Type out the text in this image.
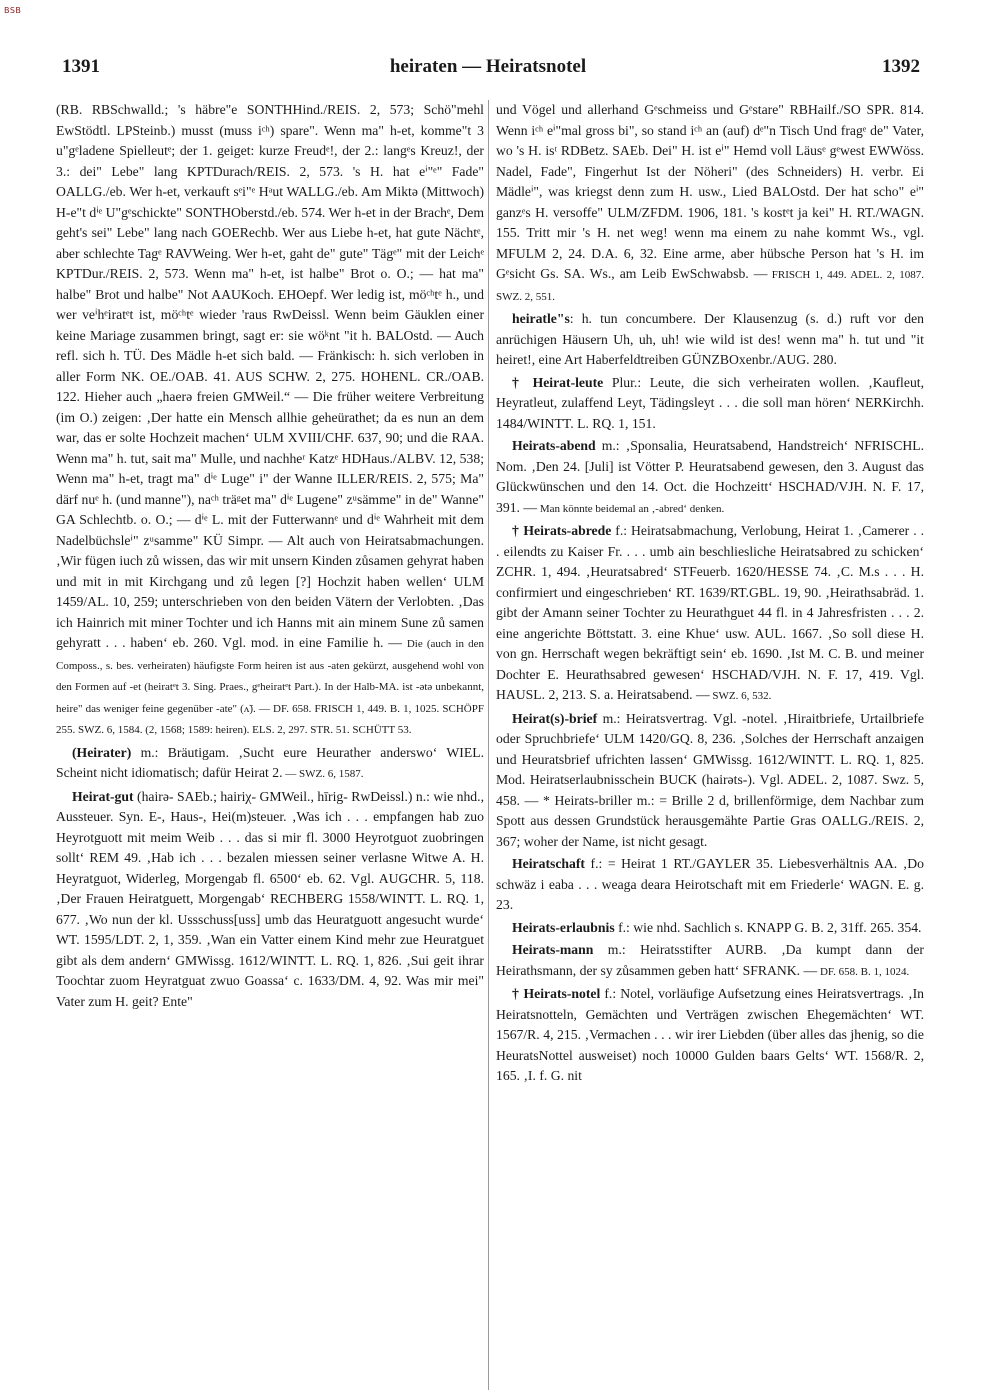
BSB
1391	heiraten — Heiratsnotel	1392

(RB. RBSchwalld.; 's häbre"e SONTHHind./REIS. 2, 573; Schö"mehl EwStödtl. LPSteinb.) musst (muss iᶜʰ) spare". Wenn ma" h-et, komme"t 3 u"gᵉladene Spielleutᵉ; der 1. geiget: kurze Freudᵉ!, der 2.: langᵉs Kreuz!, der 3.: dei" Lebe" lang KPTDurach/REIS. 2, 573. 's H. hat eⁱ"ᵉ" Fade" OALLG./eb. Wer h-et, verkauft sᵉi"ᵉ Hᵃut WALLG./eb. Am Miktə (Mittwoch) H-e"t dⁱᵉ U"gᵉschickte" SONTHOberstd./eb. 574. Wer h-et in der Brachᵉ, Dem geht's sei" Lebe" lang nach GOERechb. Wer aus Liebe h-et, hat gute Nächtᵉ, aber schlechte Tagᵉ RAVWeing. Wer h-et, gaht de" gute" Tägᵉ" mit der Leichᵉ KPTDur./REIS. 2, 573. Wenn ma" h-et, ist halbe" Brot o. O.; — hat ma" halbe" Brot und halbe" Not AAUKoch. EHOepf. Wer ledig ist, möᶜʰtᵉ h., und wer veⁱhᵉiratᵉt ist, möᶜʰtᵉ wieder 'raus RwDeissl. Wenn beim Gäuklen einer keine Mariage zusammen bringt, sagt er: sie wöᵏnt "it h. BALOstd. — Auch refl. sich h. TÜ. Des Mädle h-et sich bald. — Fränkisch: h. sich verloben in aller Form NK. OE./OAB. 41. AUS SCHW. 2, 275. HOHENL. CR./OAB. 122. Hieher auch „haerə freien GMWeil.“ — Die früher weitere Verbreitung (im O.) zeigen: ‚Der hatte ein Mensch allhie geheürathet; da es nun an dem war, das er solte Hochzeit machen‘ ULM XVIII/CHF. 637, 90; und die RAA. Wenn ma" h. tut, sait ma" Mulle, und nachheʳ Katzᵉ HDHaus./ALBV. 12, 538; Wenn ma" h-et, tragt ma" dⁱᵉ Luge" i" der Wanne ILLER/REIS. 2, 575; Ma" därf nuᵉ h. (und manne"), naᶜʰ träᵍet ma" dⁱᵉ Lugene" zᵘsämme" in de" Wanne" GA Schlechtb. o. O.; — dⁱᵉ L. mit der Futterwannᵉ und dⁱᵉ Wahrheit mit dem Nadelbüchsleⁱ" zᵘsamme" KÜ Simpr. — Alt auch von Heiratsabmachungen. ‚Wir fügen iuch zů wissen, das wir mit unsern Kinden zůsamen gehyrat haben und mit in mit Kirchgang und zů legen [?] Hochzit haben wellen‘ ULM 1459/AL. 10, 259; unterschrieben von den beiden Vätern der Verlobten. ‚Das ich Hainrich mit miner Tochter und ich Hanns mit ain minem Sune zů samen gehyratt . . . haben‘ eb. 260. Vgl. mod. in eine Familie h. — Die (auch in den Composs., s. bes. verheiraten) häufigste Form heiren ist aus -aten gekürzt, ausgehend wohl von den Formen auf -et (heiratᵉt 3. Sing. Praes., gᵉheiratᵉt Part.). In der Halb-MA. ist -ətə unbekannt, heire" das weniger feine gegenüber -ate" (ʌ̃). — DF. 658. FRISCH 1, 449. B. 1, 1025. SCHÖPF 255. SWZ. 6, 1584. (2, 1568; 1589: heiren). ELS. 2, 297. STR. 51. SCHÜTT 53.

(Heirater) m.: Bräutigam. ‚Sucht eure Heurather anderswo‘ WIEL. Scheint nicht idiomatisch; dafür Heirat 2. — SWZ. 6, 1587.

Heirat-gut (hairə- SAEb.; hairiχ- GMWeil., hīrig- RwDeissl.) n.: wie nhd., Aussteuer. Syn. E-, Haus-, Hei(m)steuer. ‚Was ich . . . empfangen hab zuo Heyrotguott mit meim Weib . . . das si mir fl. 3000 Heyrotguot zuobringen sollt‘ REM 49. ‚Hab ich . . . bezalen miessen seiner verlasne Witwe A. H. Heyratguot, Widerleg, Morgengab fl. 6500‘ eb. 62. Vgl. AUGCHR. 5, 118. ‚Der Frauen Heiratguett, Morgengab‘ RECHBERG 1558/WINTT. L. RQ. 1, 677. ‚Wo nun der kl. Ussschuss[uss] umb das Heuratguott angesucht wurde‘ WT. 1595/LDT. 2, 1, 359. ‚Wan ein Vatter einem Kind mehr zue Heuratguet gibt als dem andern‘ GMWissg. 1612/WINTT. L. RQ. 1, 826. ‚Sui geit ihrar Toochtar zuom Heyratguat zwuo Goassa‘ c. 1633/DM. 4, 92. Was mir mei" Vater zum H. geit? Ente"

und Vögel und allerhand Gᵉschmeiss und Gᵉstare" RBHailf./SO SPR. 814. Wenn iᶜʰ eⁱ"mal gross bi", so stand iᶜʰ an (auf) dᵉ"n Tisch Und fragᵉ de" Vater, wo 's H. isᵗ RDBetz. SAEb. Dei" H. ist eⁱ" Hemd voll Läusᵉ gᵉwest EWWöss. Nadel, Fade", Fingerhut Ist der Nöheri" (des Schneiders) H. verbr. Ei Mädleⁱ", was kriegst denn zum H. usw., Lied BALOstd. Der hat scho" eⁱ" ganzᵉs H. versoffe" ULM/ZFDM. 1906, 181. 's kostᵉt ja kei" H. RT./WAGN. 155. Tritt mir 's H. net weg! wenn ma einem zu nahe kommt Ws., vgl. MFULM 2, 24. D.A. 6, 32. Eine arme, aber hübsche Person hat 's H. im Gᵉsicht Gs. SA. Ws., am Leib EwSchwabsb. — FRISCH 1, 449. ADEL. 2, 1087. SWZ. 2, 551.

heiratle"s: h. tun concumbere. Der Klausenzug (s. d.) ruft vor den anrüchigen Häusern Uh, uh, uh! wie wild ist des! wenn ma" h. tut und "it heiret!, eine Art Haberfeldtreiben GÜNZBOxenbr./AUG. 280.

† Heirat-leute Plur.: Leute, die sich verheiraten wollen. ‚Kaufleut, Heyratleut, zulaffend Leyt, Tädingsleyt . . . die soll man hören‘ NERKirchh. 1484/WINTT. L. RQ. 1, 151.

Heirats-abend m.: ‚Sponsalia, Heuratsabend, Handstreich‘ NFRISCHL. Nom. ‚Den 24. [Juli] ist Vötter P. Heuratsabend gewesen, den 3. August das Glückwünschen und den 14. Oct. die Hochzeitt‘ HSCHAD/VJH. N. F. 17, 391. — Man könnte beidemal an ‚-abred‘ denken.

† Heirats-abrede f.: Heiratsabmachung, Verlobung, Heirat 1. ‚Camerer . . . eilendts zu Kaiser Fr. . . . umb ain beschliesliche Heiratsabred zu schicken‘ ZCHR. 1, 494. ‚Heuratsabred‘ STFeuerb. 1620/HESSE 74. ‚C. M.s . . . H. confirmiert und eingeschrieben‘ RT. 1639/RT.GBL. 19, 90. ‚Heirathsabräd. 1. gibt der Amann seiner Tochter zu Heurathguet 44 fl. in 4 Jahresfristen . . . 2. eine angerichte Böttstatt. 3. eine Khue‘ usw. AUL. 1667. ‚So soll diese H. von gn. Herrschaft wegen bekräftigt sein‘ eb. 1690. ‚Ist M. C. B. und meiner Dochter E. Heurathsabred gewesen‘ HSCHAD/VJH. N. F. 17, 419. Vgl. HAUSL. 2, 213. S. a. Heiratsabend. — SWZ. 6, 532.

Heirat(s)-brief m.: Heiratsvertrag. Vgl. -notel. ‚Hiraitbriefe, Urtailbriefe oder Spruchbriefe‘ ULM 1420/GQ. 8, 236. ‚Solches der Herrschaft anzaigen und Heuratsbrief ufrichten lassen‘ GMWissg. 1612/WINTT. L. RQ. 1, 825. Mod. Heiratserlaubnisschein BUCK (hairəts-). Vgl. ADEL. 2, 1087. Swz. 5, 458. — * Heirats-briller m.: = Brille 2 d, brillenförmige, dem Nachbar zum Spott aus dessen Grundstück herausgemähte Partie Gras OALLG./REIS. 2, 367; woher der Name, ist nicht gesagt.

Heiratschaft f.: = Heirat 1 RT./GAYLER 35. Liebesverhältnis AA. ‚Do schwäz i eaba . . . weaga deara Heirotschaft mit em Friederle‘ WAGN. E. g. 23.

Heirats-erlaubnis f.: wie nhd. Sachlich s. KNAPP G. B. 2, 31ff. 265. 354.

Heirats-mann m.: Heiratsstifter AURB. ‚Da kumpt dann der Heirathsmann, der sy zůsammen geben hatt‘ SFRANK. — DF. 658. B. 1, 1024.

† Heirats-notel f.: Notel, vorläufige Aufsetzung eines Heiratsvertrags. ‚In Heiratsnotteln, Gemächten und Verträgen zwischen Ehegemächten‘ WT. 1567/R. 4, 215. ‚Vermachen . . . wir irer Liebden (über alles das jhenig, so die HeuratsNottel ausweiset) noch 10000 Gulden baars Gelts‘ WT. 1568/R. 2, 165. ‚I. f. G. nit
